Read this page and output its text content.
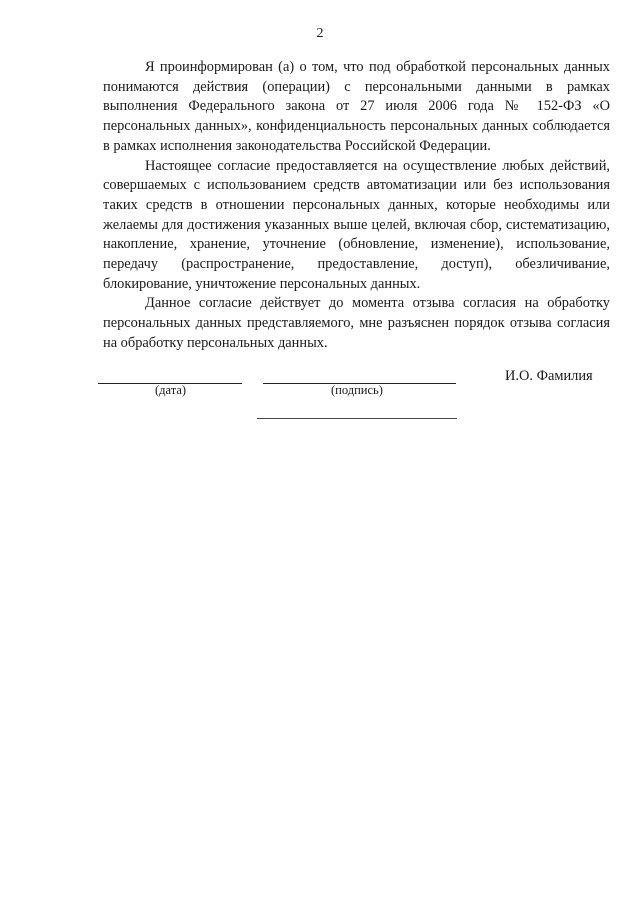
2

Я проинформирован (а) о том, что под обработкой персональных данных понимаются действия (операции) с персональными данными в рамках выполнения Федерального закона от 27 июля 2006 года № 152-ФЗ «О персональных данных», конфиденциальность персональных данных соблюдается в рамках исполнения законодательства Российской Федерации.

Настоящее согласие предоставляется на осуществление любых действий, совершаемых с использованием средств автоматизации или без использования таких средств в отношении персональных данных, которые необходимы или желаемы для достижения указанных выше целей, включая сбор, систематизацию, накопление, хранение, уточнение (обновление, изменение), использование, передачу (распространение, предоставление, доступ), обезличивание, блокирование, уничтожение персональных данных.

Данное согласие действует до момента отзыва согласия на обработку персональных данных представляемого, мне разъяснен порядок отзыва согласия на обработку персональных данных.

(дата)	(подпись)
И.О. Фамилия
